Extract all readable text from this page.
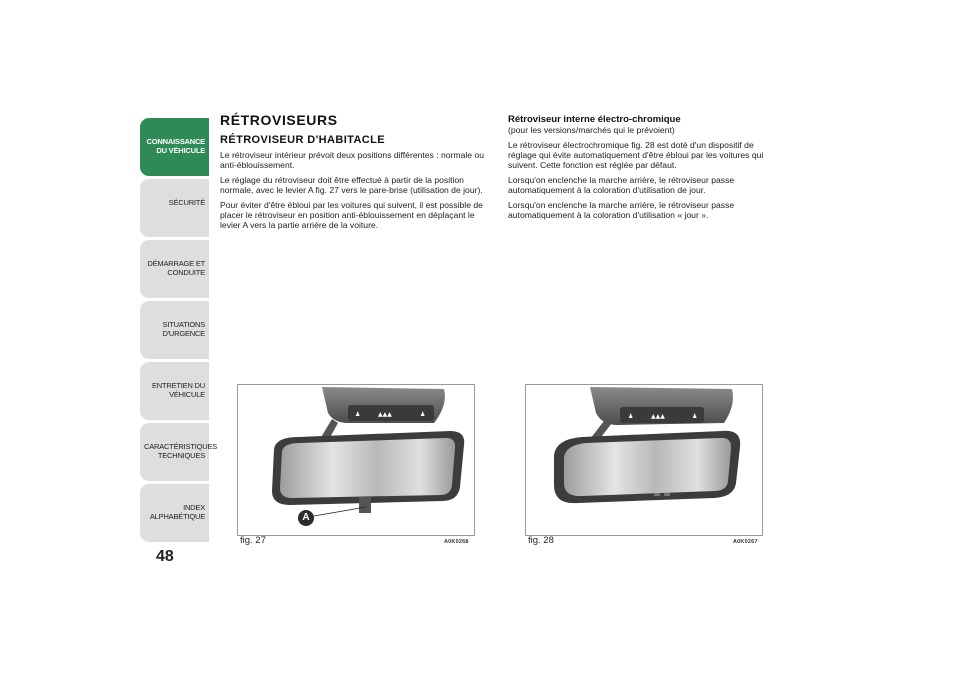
CONNAISSANCE
DU VÉHICULE
SÉCURITÉ
DÉMARRAGE ET
CONDUITE
SITUATIONS
D'URGENCE
ENTRETIEN DU
VÉHICULE
CARACTÉRISTIQUES
TECHNIQUES
INDEX
ALPHABÉTIQUE
48
RÉTROVISEURS
RÉTROVISEUR D'HABITACLE

Le rétroviseur intérieur prévoit deux positions différentes : normale ou anti-éblouissement.

Le réglage du rétroviseur doit être effectué à partir de la position normale, avec le levier A fig. 27 vers le pare-brise (utilisation de jour).

Pour éviter d'être ébloui par les voitures qui suivent, il est possible de placer le rétroviseur en position anti-éblouissement en déplaçant le levier A vers la partie arrière de la voiture.

Rétroviseur interne électro-chromique

(pour les versions/marchés qui le prévoient)

Le rétroviseur électrochromique fig. 28 est doté d'un dispositif de réglage qui évite automatiquement d'être ébloui par les voitures qui suivent. Cette fonction est réglée par défaut.

Lorsqu'on enclenche la marche arrière, le rétroviseur passe automatiquement à la coloration d'utilisation de jour.

Lorsqu'on enclenche la marche arrière, le rétroviseur passe automatiquement à la coloration d'utilisation « jour ».

♟	▲▲▲	♟
A
fig. 27	A0K0268
♟	▲▲▲	♟
fig. 28	A0K0267
